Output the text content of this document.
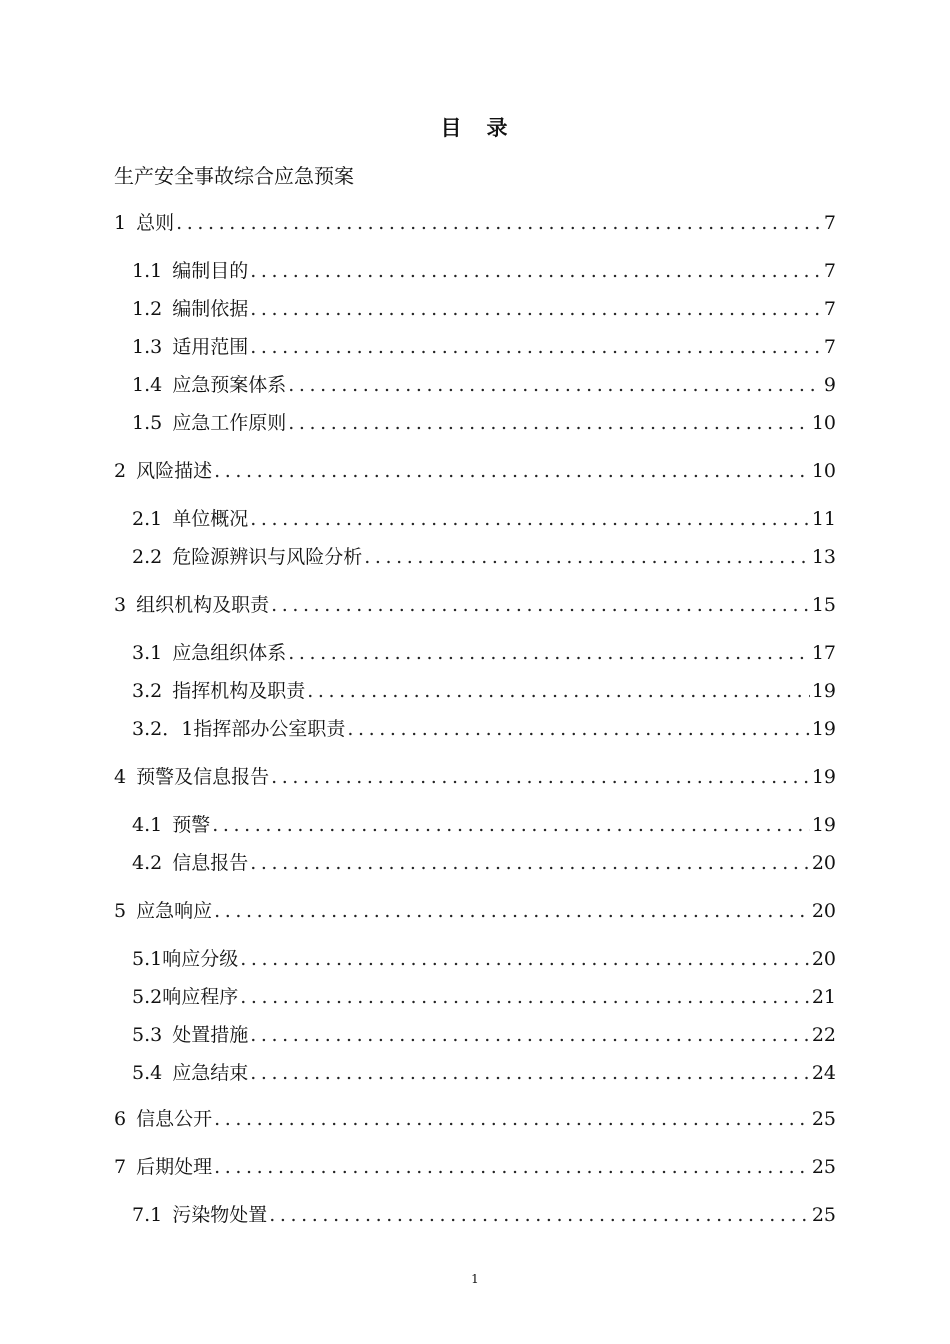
目　录
生产安全事故综合应急预案
1 总则 .....	7
1.1 编制目的 .....	7
1.2 编制依据 .....	7
1.3 适用范围 .....	7
1.4 应急预案体系 .....	9
1.5 应急工作原则 .....	10
2 风险描述 .....	10
2.1 单位概况 .....	11
2.2 危险源辨识与风险分析 .....	13
3 组织机构及职责 .....	15
3.1 应急组织体系 .....	17
3.2 指挥机构及职责 .....	19
3.2．1 指挥部办公室职责 .....	19
4 预警及信息报告 .....	19
4.1 预警 .....	19
4.2 信息报告 .....	20
5 应急响应 .....	20
5.1 响应分级 .....	20
5.2 响应程序 .....	21
5.3 处置措施 .....	22
5.4 应急结束 .....	24
6 信息公开 .....	25
7 后期处理 .....	25
7.1 污染物处置 .....	25
1
